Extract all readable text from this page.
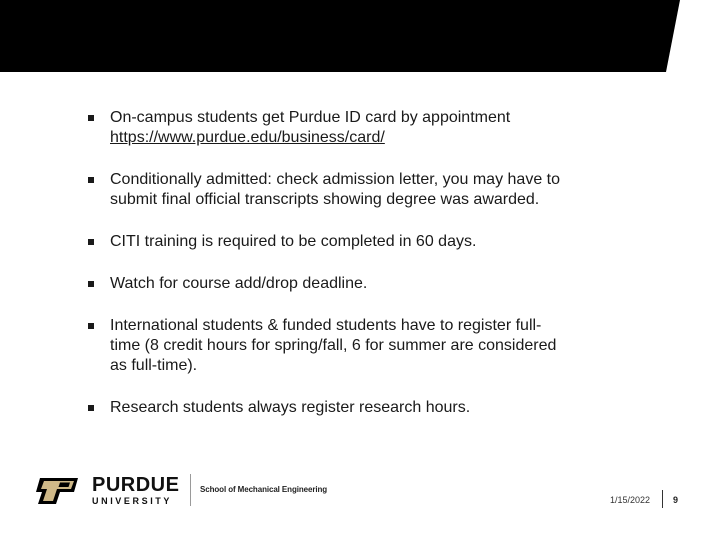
On-campus students get Purdue ID card by appointment
https://www.purdue.edu/business/card/
Conditionally admitted: check admission letter, you may have to
submit final official transcripts showing degree was awarded.
CITI training is required to be completed in 60 days.
Watch for course add/drop deadline.
International students & funded students have to register full-
time (8 credit hours for spring/fall, 6 for summer are considered
as full-time).
Research students always register research hours.
PURDUE
UNIVERSITY
School of Mechanical Engineering
1/15/2022	9
